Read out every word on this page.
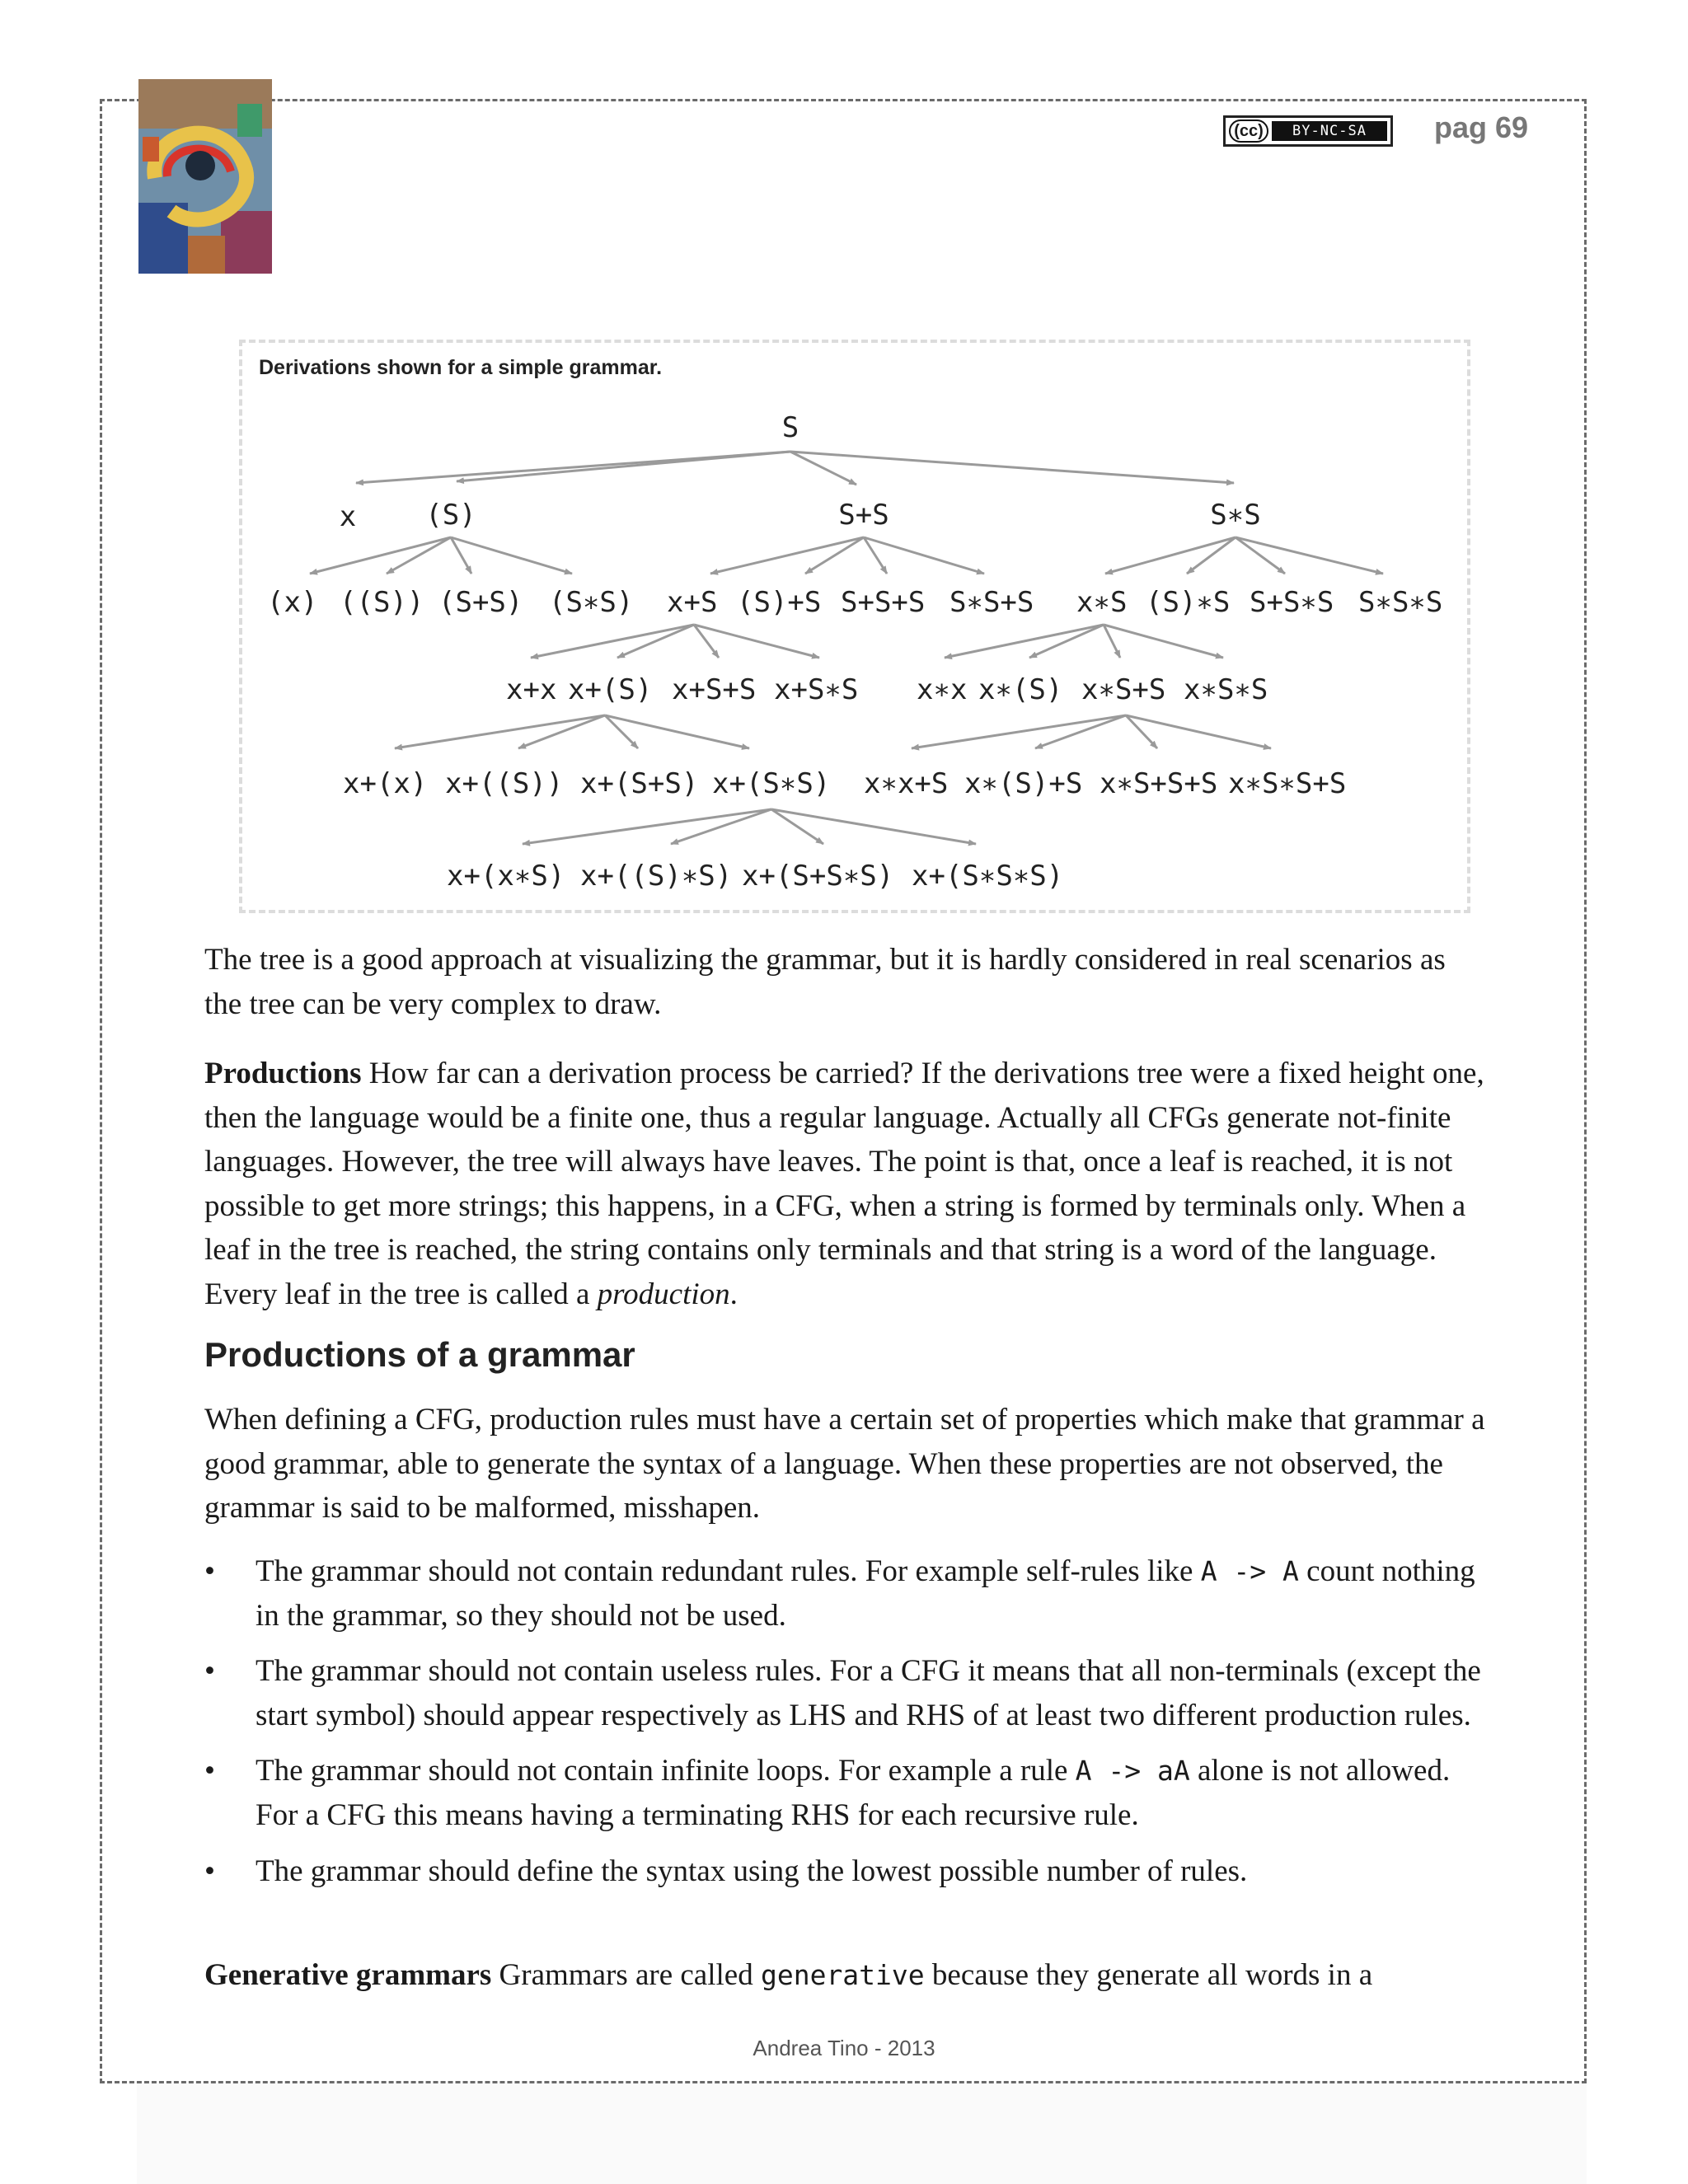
(cc)	BY-NC-SA	pag 69
Derivations shown for a simple grammar.
S
x (S)	S+S	S∗S
(x) ((S)) (S+S) (S∗S) x+S (S)+S S+S+S S∗S+S x∗S (S)∗S S+S∗S S∗S∗S
x+x x+(S) x+S+S x+S∗S x∗x x∗(S) x∗S+S x∗S∗S
x+(x) x+((S)) x+(S+S) x+(S∗S) x∗x+S x∗(S)+S x∗S+S+S x∗S∗S+S
x+(x∗S) x+((S)∗S) x+(S+S∗S) x+(S∗S∗S)
The tree is a good approach at visualizing the grammar, but it is hardly considered in real scenarios as the tree can be very complex to draw.
Productions How far can a derivation process be carried? If the derivations tree were a fixed height one, then the language would be a finite one, thus a regular language. Actually all CFGs generate not-finite languages. However, the tree will always have leaves. The point is that, once a leaf is reached, it is not possible to get more strings; this happens, in a CFG, when a string is formed by terminals only. When a leaf in the tree is reached, the string contains only terminals and that string is a word of the language. Every leaf in the tree is called a production.
Productions of a grammar
When defining a CFG, production rules must have a certain set of properties which make that grammar a good grammar, able to generate the syntax of a language. When these properties are not observed, the grammar is said to be malformed, misshapen.
• The grammar should not contain redundant rules. For example self-rules like A -> A count nothing in the grammar, so they should not be used.
• The grammar should not contain useless rules. For a CFG it means that all non-terminals (except the start symbol) should appear respectively as LHS and RHS of at least two different production rules.
• The grammar should not contain infinite loops. For example a rule A -> aA alone is not allowed. For a CFG this means having a terminating RHS for each recursive rule.
• The grammar should define the syntax using the lowest possible number of rules.
Generative grammars Grammars are called generative because they generate all words in a
Andrea Tino - 2013
